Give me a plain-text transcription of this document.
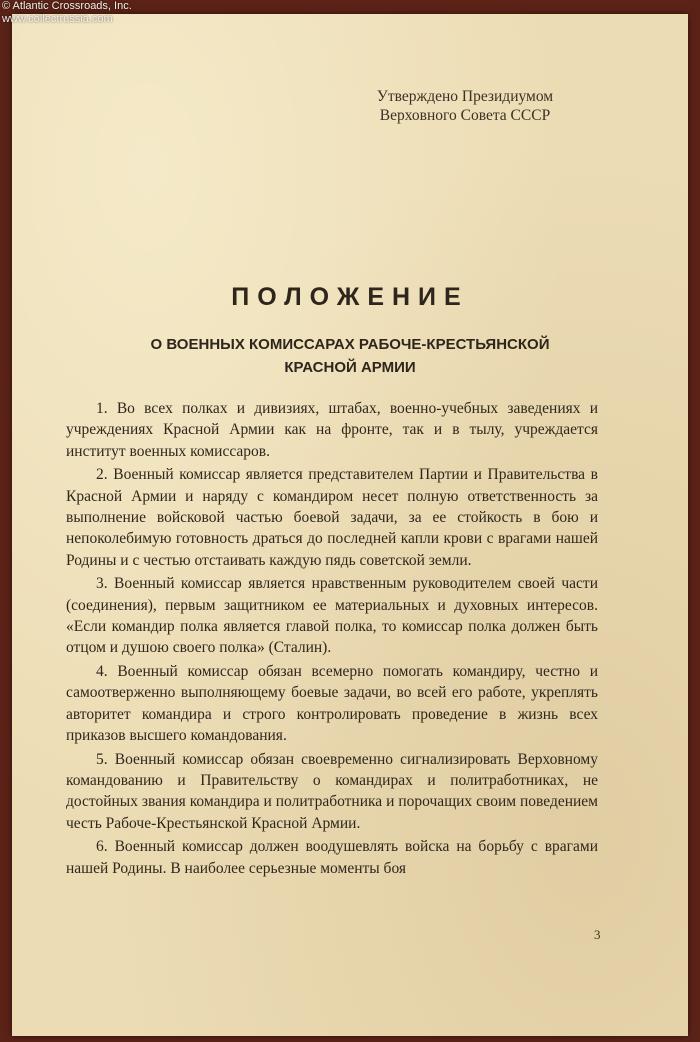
© Atlantic Crossroads, Inc.
www.collectrussia.com
Утверждено Президиумом
Верховного Совета СССР
ПОЛОЖЕНИЕ
О ВОЕННЫХ КОМИССАРАХ РАБОЧЕ-КРЕСТЬЯНСКОЙ
КРАСНОЙ АРМИИ

1. Во всех полках и дивизиях, штабах, военно-учебных заведениях и учреждениях Красной Армии как на фронте, так и в тылу, учреждается институт военных комиссаров.

2. Военный комиссар является представителем Партии и Правительства в Красной Армии и наряду с командиром несет полную ответственность за выполнение войсковой частью боевой задачи, за ее стойкость в бою и непоколебимую готовность драться до последней капли крови с врагами нашей Родины и с честью отстаивать каждую пядь советской земли.

3. Военный комиссар является нравственным руководителем своей части (соединения), первым защитником ее материальных и духовных интересов. «Если командир полка является главой полка, то комиссар полка должен быть отцом и душою своего полка» (Сталин).

4. Военный комиссар обязан всемерно помогать командиру, честно и самоотверженно выполняющему боевые задачи, во всей его работе, укреплять авторитет командира и строго контролировать проведение в жизнь всех приказов высшего командования.

5. Военный комиссар обязан своевременно сигнализировать Верховному командованию и Правительству о командирах и политработниках, не достойных звания командира и политработника и порочащих своим поведением честь Рабоче-Крестьянской Красной Армии.

6. Военный комиссар должен воодушевлять войска на борьбу с врагами нашей Родины. В наиболее серьезные моменты боя

3
